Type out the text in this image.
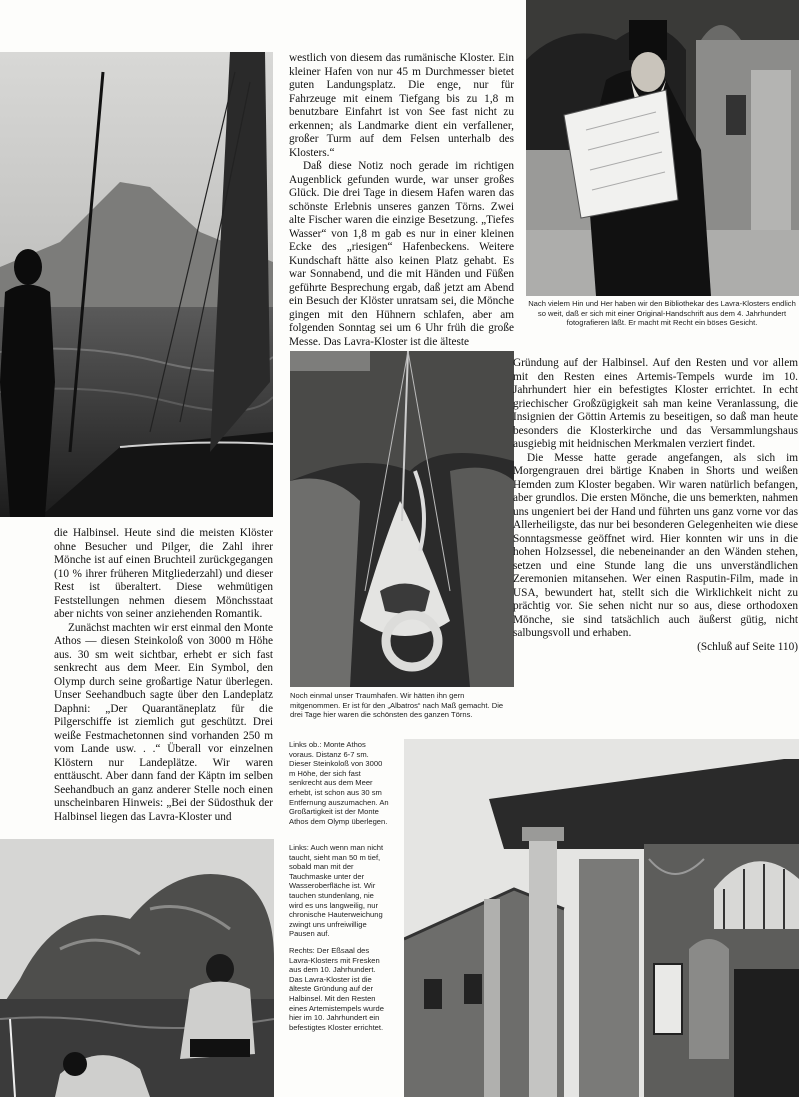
die Halbinsel. Heute sind die meisten Klöster ohne Besucher und Pilger, die Zahl ihrer Mönche ist auf einen Bruchteil zurückgegangen (10 % ihrer früheren Mitgliederzahl) und dieser Rest ist überaltert. Diese wehmütigen Feststellungen nehmen diesem Mönchsstaat aber nichts von seiner anziehenden Romantik.

Zunächst machten wir erst einmal den Monte Athos — diesen Steinkoloß von 3000 m Höhe aus. 30 sm weit sichtbar, erhebt er sich fast senkrecht aus dem Meer. Ein Symbol, den Olymp durch seine großartige Natur überlegen. Unser Seehandbuch sagte über den Landeplatz Daphni: „Der Quarantäneplatz für die Pilgerschiffe ist ziemlich gut geschützt. Drei weiße Festmachetonnen sind vorhanden 250 m vom Lande usw. . .“ Überall vor einzelnen Klöstern nur Landeplätze. Wir waren enttäuscht. Aber dann fand der Käptn im selben Seehandbuch an ganz anderer Stelle noch einen unscheinbaren Hinweis: „Bei der Südosthuk der Halbinsel liegen das Lavra-Kloster und

westlich von diesem das rumänische Kloster. Ein kleiner Hafen von nur 45 m Durchmesser bietet guten Landungsplatz. Die enge, nur für Fahrzeuge mit einem Tiefgang bis zu 1,8 m benutzbare Einfahrt ist von See fast nicht zu erkennen; als Landmarke dient ein verfallener, großer Turm auf dem Felsen unterhalb des Klosters.“

Daß diese Notiz noch gerade im richtigen Augenblick gefunden wurde, war unser großes Glück. Die drei Tage in diesem Hafen waren das schönste Erlebnis unseres ganzen Törns. Zwei alte Fischer waren die einzige Besetzung. „Tiefes Wasser“ von 1,8 m gab es nur in einer kleinen Ecke des „riesigen“ Hafenbeckens. Weitere Kundschaft hätte also keinen Platz gehabt. Es war Sonnabend, und die mit Händen und Füßen geführte Besprechung ergab, daß jetzt am Abend ein Besuch der Klöster unratsam sei, die Mönche gingen mit den Hühnern schlafen, aber am folgenden Sonntag sei um 6 Uhr früh die große Messe. Das Lavra-Kloster ist die älteste

Gründung auf der Halbinsel. Auf den Resten und vor allem mit den Resten eines Artemis-Tempels wurde im 10. Jahrhundert hier ein befestigtes Kloster errichtet. In echt griechischer Großzügigkeit sah man keine Veranlassung, die Insignien der Göttin Artemis zu beseitigen, so daß man heute besonders die Klosterkirche und das Versammlungshaus ausgiebig mit heidnischen Merkmalen verziert findet.

Die Messe hatte gerade angefangen, als sich im Morgengrauen drei bärtige Knaben in Shorts und weißen Hemden zum Kloster begaben. Wir waren natürlich befangen, aber grundlos. Die ersten Mönche, die uns bemerkten, nahmen uns ungeniert bei der Hand und führten uns ganz vorne vor das Allerheiligste, das nur bei besonderen Gelegenheiten wie diese Sonntagsmesse geöffnet wird. Hier konnten wir uns in die hohen Holzsessel, die nebeneinander an den Wänden stehen, setzen und eine Stunde lang die uns unverständlichen Zeremonien mitansehen. Wer einen Rasputin-Film, made in USA, bewundert hat, stellt sich die Wirklichkeit nicht zu prächtig vor. Sie sehen nicht nur so aus, diese orthodoxen Mönche, sie sind tatsächlich auch äußerst gütig, nicht salbungsvoll und erhaben.

(Schluß auf Seite 110)

Nach vielem Hin und Her haben wir den Bibliothekar des Lavra-Klosters endlich so weit, daß er sich mit einer Original-Handschrift aus dem 4. Jahrhundert fotografieren läßt. Er macht mit Recht ein böses Gesicht.

Noch einmal unser Traumhafen. Wir hätten ihn gern mitgenommen. Er ist für den „Albatros“ nach Maß gemacht. Die drei Tage hier waren die schönsten des ganzen Törns.

Links ob.: Monte Athos voraus. Distanz 6-7 sm. Dieser Steinkoloß von 3000 m Höhe, der sich fast senkrecht aus dem Meer erhebt, ist schon aus 30 sm Entfernung auszumachen. An Großartigkeit ist der Monte Athos dem Olymp überlegen.

Links: Auch wenn man nicht taucht, sieht man 50 m tief, sobald man mit der Tauchmaske unter der Wasseroberfläche ist. Wir tauchen stundenlang, nie wird es uns langweilig, nur chronische Hauterweichung zwingt uns unfreiwillige Pausen auf.

Rechts: Der Eßsaal des Lavra-Klosters mit Fresken aus dem 10. Jahrhundert. Das Lavra-Kloster ist die älteste Gründung auf der Halbinsel. Mit den Resten eines Artemistempels wurde hier im 10. Jahrhundert ein befestigtes Kloster errichtet.
